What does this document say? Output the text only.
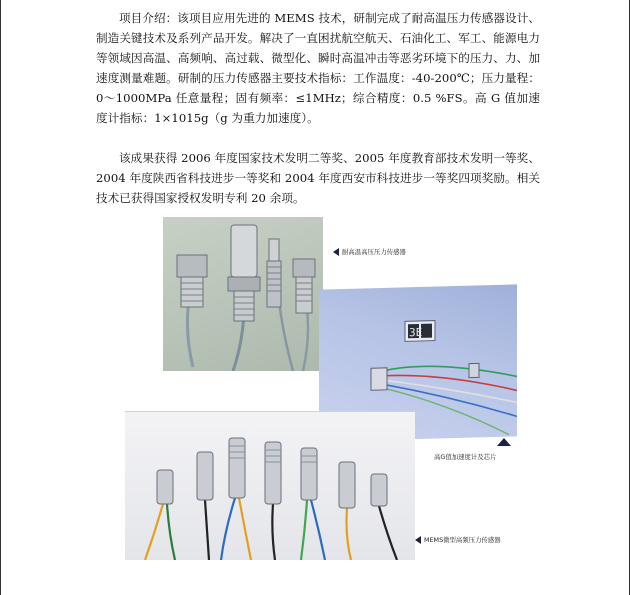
项目介绍：该项目应用先进的 MEMS 技术，研制完成了耐高温压力传感器设计、制造关键技术及系列产品开发。解决了一直困扰航空航天、石油化工、军工、能源电力等领域因高温、高频响、高过载、微型化、瞬时高温冲击等恶劣环境下的压力、力、加速度测量难题。研制的压力传感器主要技术指标：工作温度：-40-200℃；压力量程：0～1000MPa 任意量程；固有频率：≤1MHz；综合精度：0.5 %FS。高 G 值加速度计指标：1×1015g（g 为重力加速度）。

该成果获得 2006 年度国家技术发明二等奖、2005 年度教育部技术发明一等奖、2004 年度陕西省科技进步一等奖和 2004 年度西安市科技进步一等奖四项奖励。相关技术已获得国家授权发明专利 20 余项。

耐高温高压压力传感器
3E
高G值加速度计及芯片
MEMS微型高频压力传感器
